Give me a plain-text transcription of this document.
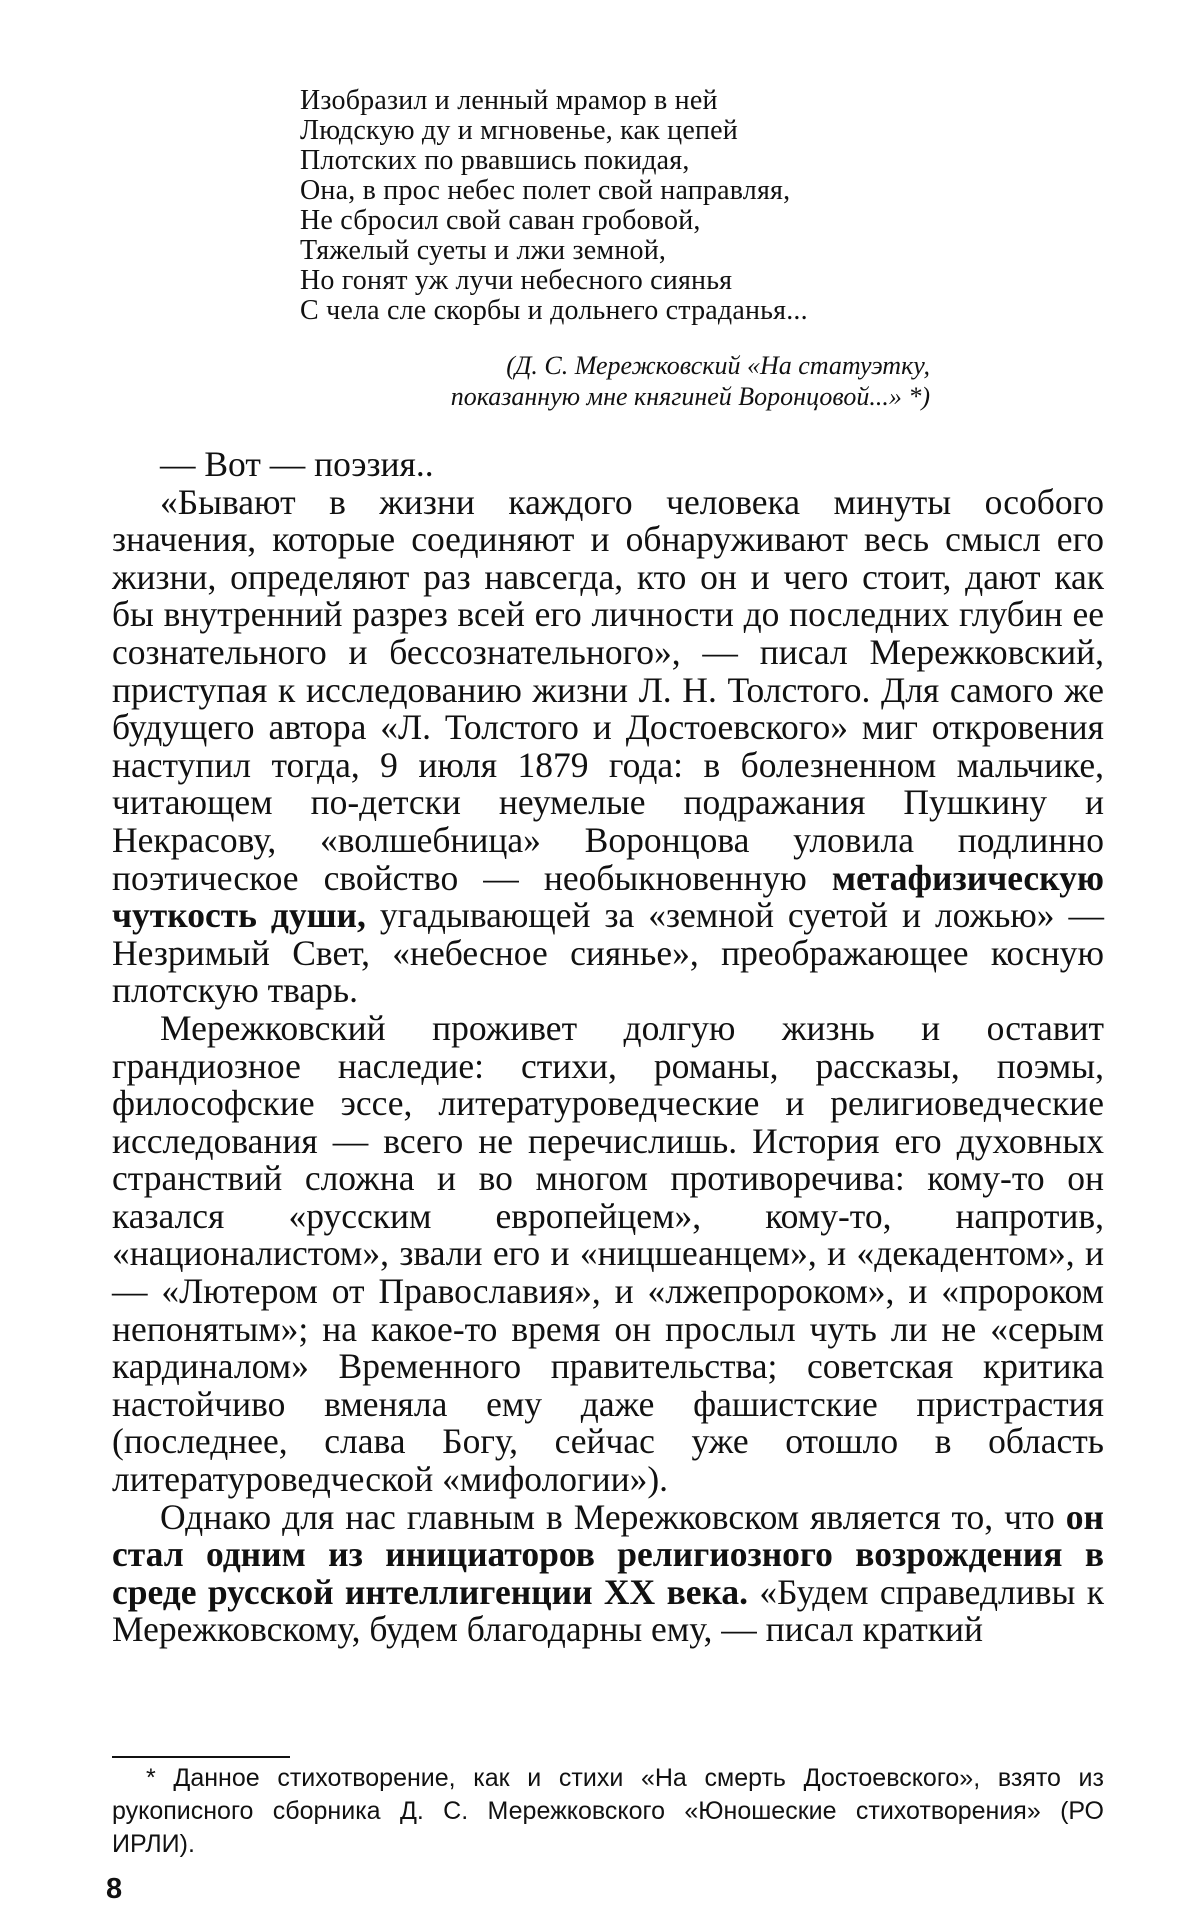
Изобразил и ленный мрамор в ней
Людскую ду и мгновенье, как цепей
Плотских по рвавшись покидая,
Она, в прос небес полет свой направляя,
Не сбросил свой саван гробовой,
Тяжелый суеты и лжи земной,
Но гонят уж лучи небесного сиянья
С чела сле скорбы и дольнего страданья...
(Д. С. Мережковский «На статуэтку,
показанную мне княгиней Воронцовой...» *)

— Вот — поэзия..

«Бывают в жизни каждого человека минуты особого значения, которые соединяют и обнаруживают весь смысл его жизни, определяют раз навсегда, кто он и чего стоит, дают как бы внутренний разрез всей его личности до последних глубин ее сознательного и бессознательного», — писал Мережковский, приступая к исследованию жизни Л. Н. Толстого. Для самого же будущего автора «Л. Толстого и Достоевского» миг откровения наступил тогда, 9 июля 1879 года: в болезненном мальчике, читающем по-детски неумелые подражания Пушкину и Некрасову, «волшебница» Воронцова уловила подлинно поэтическое свойство — необыкновенную метафизическую чуткость души, угадывающей за «земной суетой и ложью» — Незримый Свет, «небесное сиянье», преображающее косную плотскую тварь.

Мережковский проживет долгую жизнь и оставит грандиозное наследие: стихи, романы, рассказы, поэмы, философские эссе, литературоведческие и религиоведческие исследования — всего не перечислишь. История его духовных странствий сложна и во многом противоречива: кому-то он казался «русским европейцем», кому-то, напротив, «националистом», звали его и «ницшеанцем», и «декадентом», и — «Лютером от Православия», и «лжепророком», и «пророком непонятым»; на какое-то время он прослыл чуть ли не «серым кардиналом» Временного правительства; советская критика настойчиво вменяла ему даже фашистские пристрастия (последнее, слава Богу, сейчас уже отошло в область литературоведческой «мифологии»).

Однако для нас главным в Мережковском является то, что он стал одним из инициаторов религиозного возрождения в среде русской интеллигенции XX века. «Будем справедливы к Мережковскому, будем благодарны ему, — писал краткий

* Данное стихотворение, как и стихи «На смерть Достоевского», взято из рукописного сборника Д. С. Мережковского «Юношеские стихотворения» (РО ИРЛИ).
8
